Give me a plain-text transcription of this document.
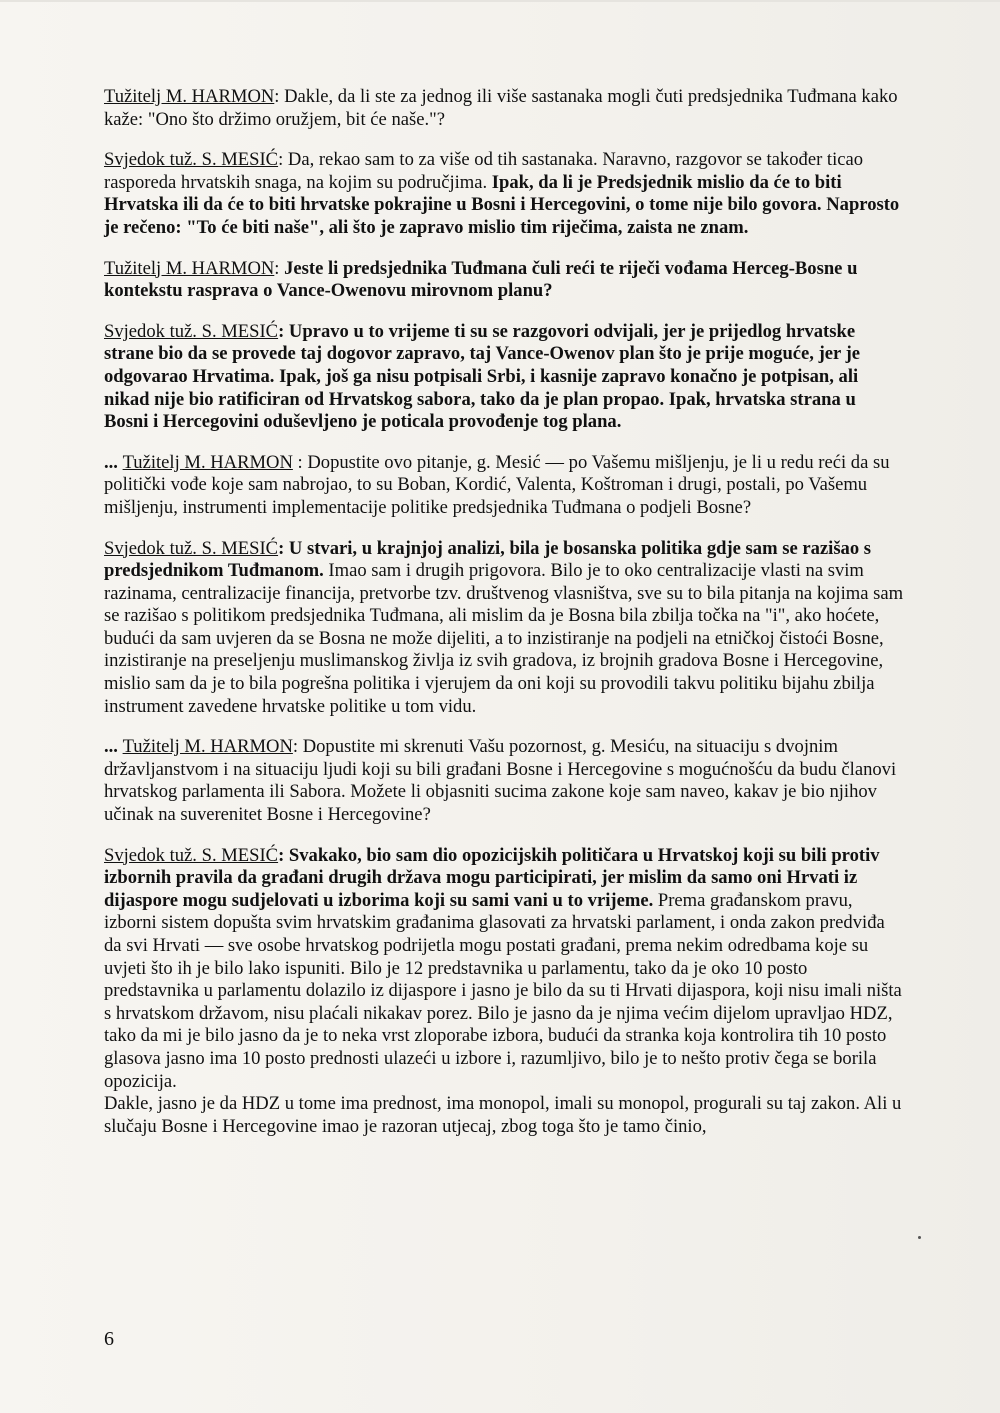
Tužitelj M. HARMON: Dakle, da li ste za jednog ili više sastanaka mogli čuti predsjednika Tuđmana kako kaže: "Ono što držimo oružjem, bit će naše."?

Svjedok tuž. S. MESIĆ: Da, rekao sam to za više od tih sastanaka. Naravno, razgovor se također ticao rasporeda hrvatskih snaga, na kojim su područjima. Ipak, da li je Predsjednik mislio da će to biti Hrvatska ili da će to biti hrvatske pokrajine u Bosni i Hercegovini, o tome nije bilo govora. Naprosto je rečeno: "To će biti naše", ali što je zapravo mislio tim riječima, zaista ne znam.

Tužitelj M. HARMON: Jeste li predsjednika Tuđmana čuli reći te riječi vođama Herceg-Bosne u kontekstu rasprava o Vance-Owenovu mirovnom planu?

Svjedok tuž. S. MESIĆ: Upravo u to vrijeme ti su se razgovori odvijali, jer je prijedlog hrvatske strane bio da se provede taj dogovor zapravo, taj Vance-Owenov plan što je prije moguće, jer je odgovarao Hrvatima. Ipak, još ga nisu potpisali Srbi, i kasnije zapravo konačno je potpisan, ali nikad nije bio ratificiran od Hrvatskog sabora, tako da je plan propao. Ipak, hrvatska strana u Bosni i Hercegovini oduševljeno je poticala provođenje tog plana.

... Tužitelj M. HARMON : Dopustite ovo pitanje, g. Mesić — po Vašemu mišljenju, je li u redu reći da su politički vođe koje sam nabrojao, to su Boban, Kordić, Valenta, Koštroman i drugi, postali, po Vašemu mišljenju, instrumenti implementacije politike predsjednika Tuđmana o podjeli Bosne?

Svjedok tuž. S. MESIĆ: U stvari, u krajnjoj analizi, bila je bosanska politika gdje sam se razišao s predsjednikom Tuđmanom. Imao sam i drugih prigovora. Bilo je to oko centralizacije vlasti na svim razinama, centralizacije financija, pretvorbe tzv. društvenog vlasništva, sve su to bila pitanja na kojima sam se razišao s politikom predsjednika Tuđmana, ali mislim da je Bosna bila zbilja točka na "i", ako hoćete, budući da sam uvjeren da se Bosna ne može dijeliti, a to inzistiranje na podjeli na etničkoj čistoći Bosne, inzistiranje na preseljenju muslimanskog življa iz svih gradova, iz brojnih gradova Bosne i Hercegovine, mislio sam da je to bila pogrešna politika i vjerujem da oni koji su provodili takvu politiku bijahu zbilja instrument zavedene hrvatske politike u tom vidu.

... Tužitelj M. HARMON: Dopustite mi skrenuti Vašu pozornost, g. Mesiću, na situaciju s dvojnim državljanstvom i na situaciju ljudi koji su bili građani Bosne i Hercegovine s mogućnošću da budu članovi hrvatskog parlamenta ili Sabora. Možete li objasniti sucima zakone koje sam naveo, kakav je bio njihov učinak na suverenitet Bosne i Hercegovine?

Svjedok tuž. S. MESIĆ: Svakako, bio sam dio opozicijskih političara u Hrvatskoj koji su bili protiv izbornih pravila da građani drugih država mogu participirati, jer mislim da samo oni Hrvati iz dijaspore mogu sudjelovati u izborima koji su sami vani u to vrijeme. Prema građanskom pravu, izborni sistem dopušta svim hrvatskim građanima glasovati za hrvatski parlament, i onda zakon predviđa da svi Hrvati — sve osobe hrvatskog podrijetla mogu postati građani, prema nekim odredbama koje su uvjeti što ih je bilo lako ispuniti. Bilo je 12 predstavnika u parlamentu, tako da je oko 10 posto predstavnika u parlamentu dolazilo iz dijaspore i jasno je bilo da su ti Hrvati dijaspora, koji nisu imali ništa s hrvatskom državom, nisu plaćali nikakav porez. Bilo je jasno da je njima većim dijelom upravljao HDZ, tako da mi je bilo jasno da je to neka vrst zloporabe izbora, budući da stranka koja kontrolira tih 10 posto glasova jasno ima 10 posto prednosti ulazeći u izbore i, razumljivo, bilo je to nešto protiv čega se borila opozicija.
Dakle, jasno je da HDZ u tome ima prednost, ima monopol, imali su monopol, progurali su taj zakon. Ali u slučaju Bosne i Hercegovine imao je razoran utjecaj, zbog toga što je tamo činio,

6
